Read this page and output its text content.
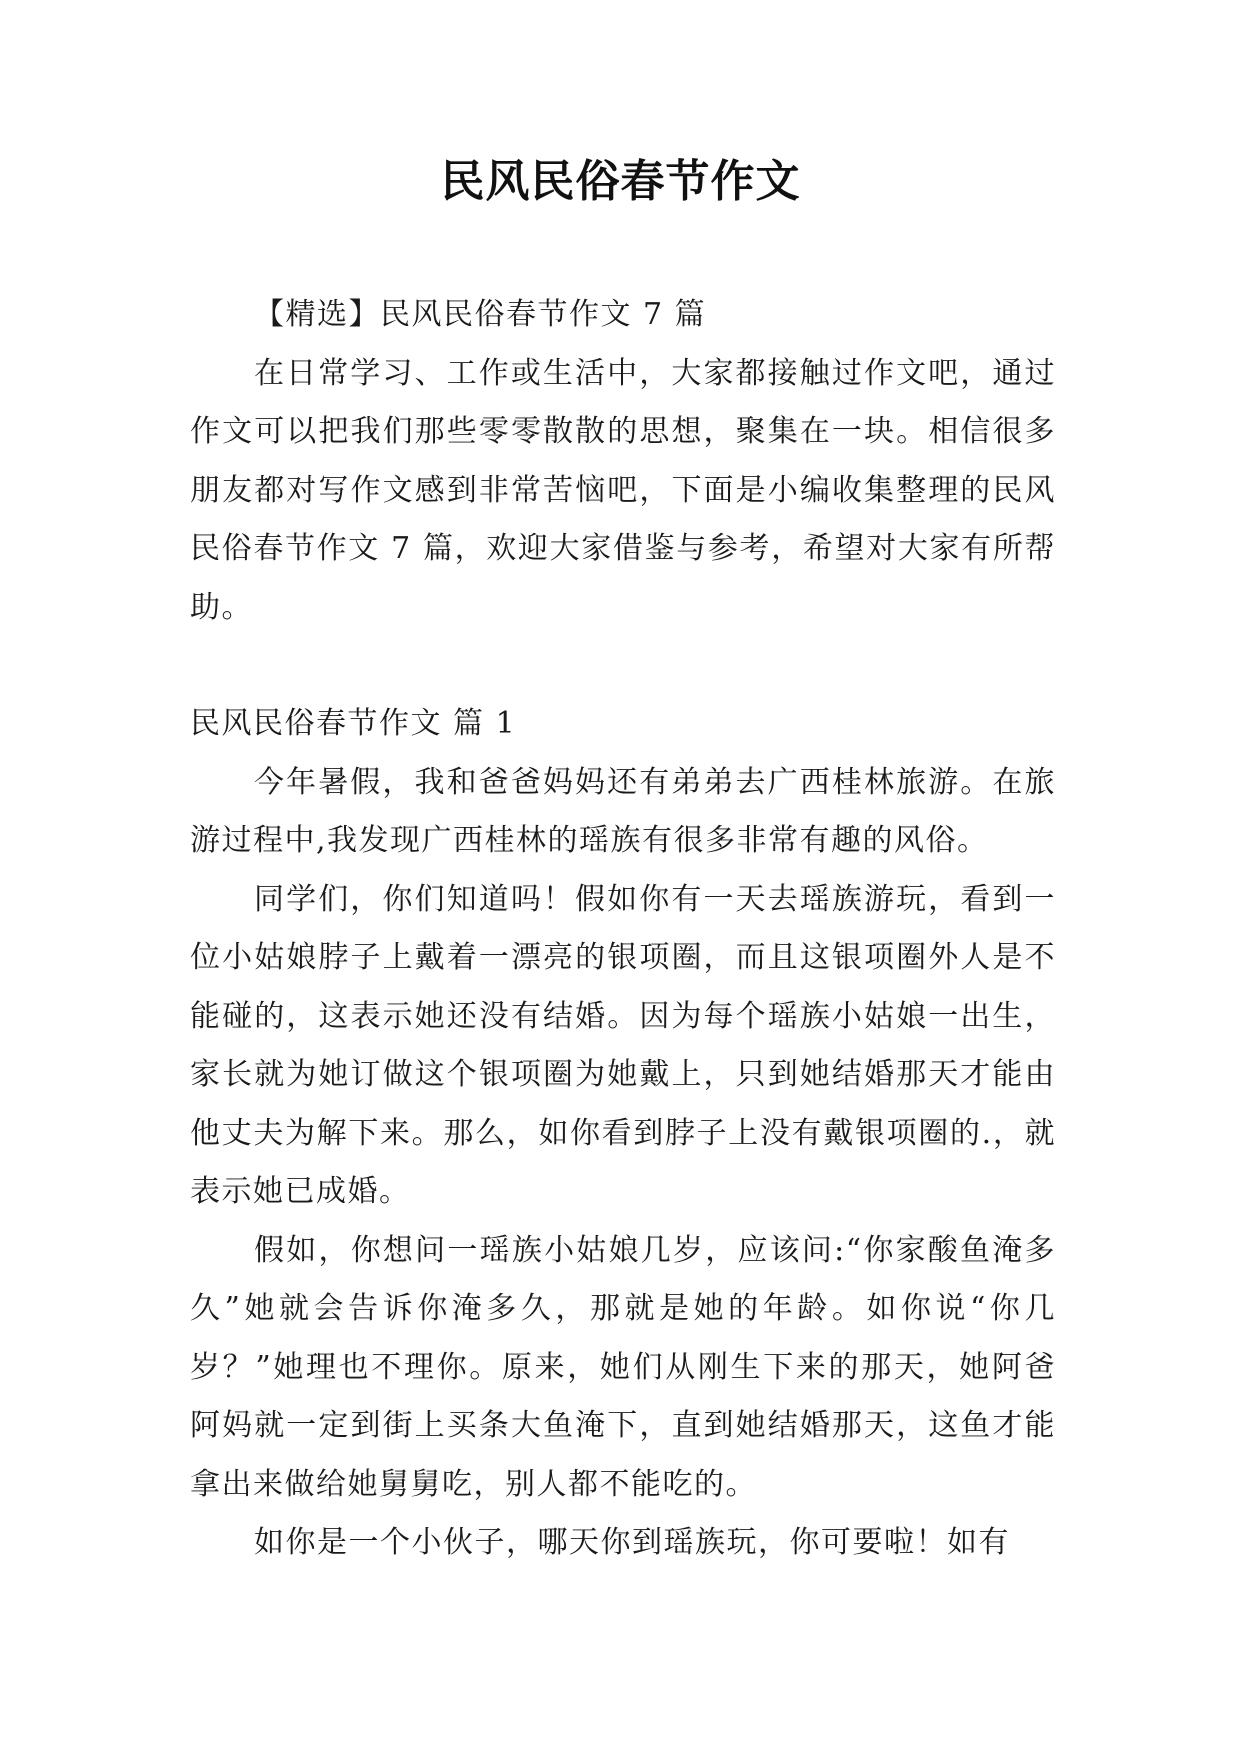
民风民俗春节作文

【精选】民风民俗春节作文 7 篇

在日常学习、工作或生活中，大家都接触过作文吧，通过作文可以把我们那些零零散散的思想，聚集在一块。相信很多朋友都对写作文感到非常苦恼吧，下面是小编收集整理的民风民俗春节作文 7 篇，欢迎大家借鉴与参考，希望对大家有所帮助。

民风民俗春节作文 篇 1

今年暑假，我和爸爸妈妈还有弟弟去广西桂林旅游。在旅游过程中,我发现广西桂林的瑶族有很多非常有趣的风俗。

同学们，你们知道吗！假如你有一天去瑶族游玩，看到一位小姑娘脖子上戴着一漂亮的银项圈，而且这银项圈外人是不能碰的，这表示她还没有结婚。因为每个瑶族小姑娘一出生，家长就为她订做这个银项圈为她戴上，只到她结婚那天才能由他丈夫为解下来。那么，如你看到脖子上没有戴银项圈的.，就表示她已成婚。

假如，你想问一瑶族小姑娘几岁，应该问:“你家酸鱼淹多久”她就会告诉你淹多久，那就是她的年龄。如你说“你几岁？”她理也不理你。原来，她们从刚生下来的那天，她阿爸阿妈就一定到街上买条大鱼淹下，直到她结婚那天，这鱼才能拿出来做给她舅舅吃，别人都不能吃的。

如你是一个小伙子，哪天你到瑶族玩，你可要啦！如有
